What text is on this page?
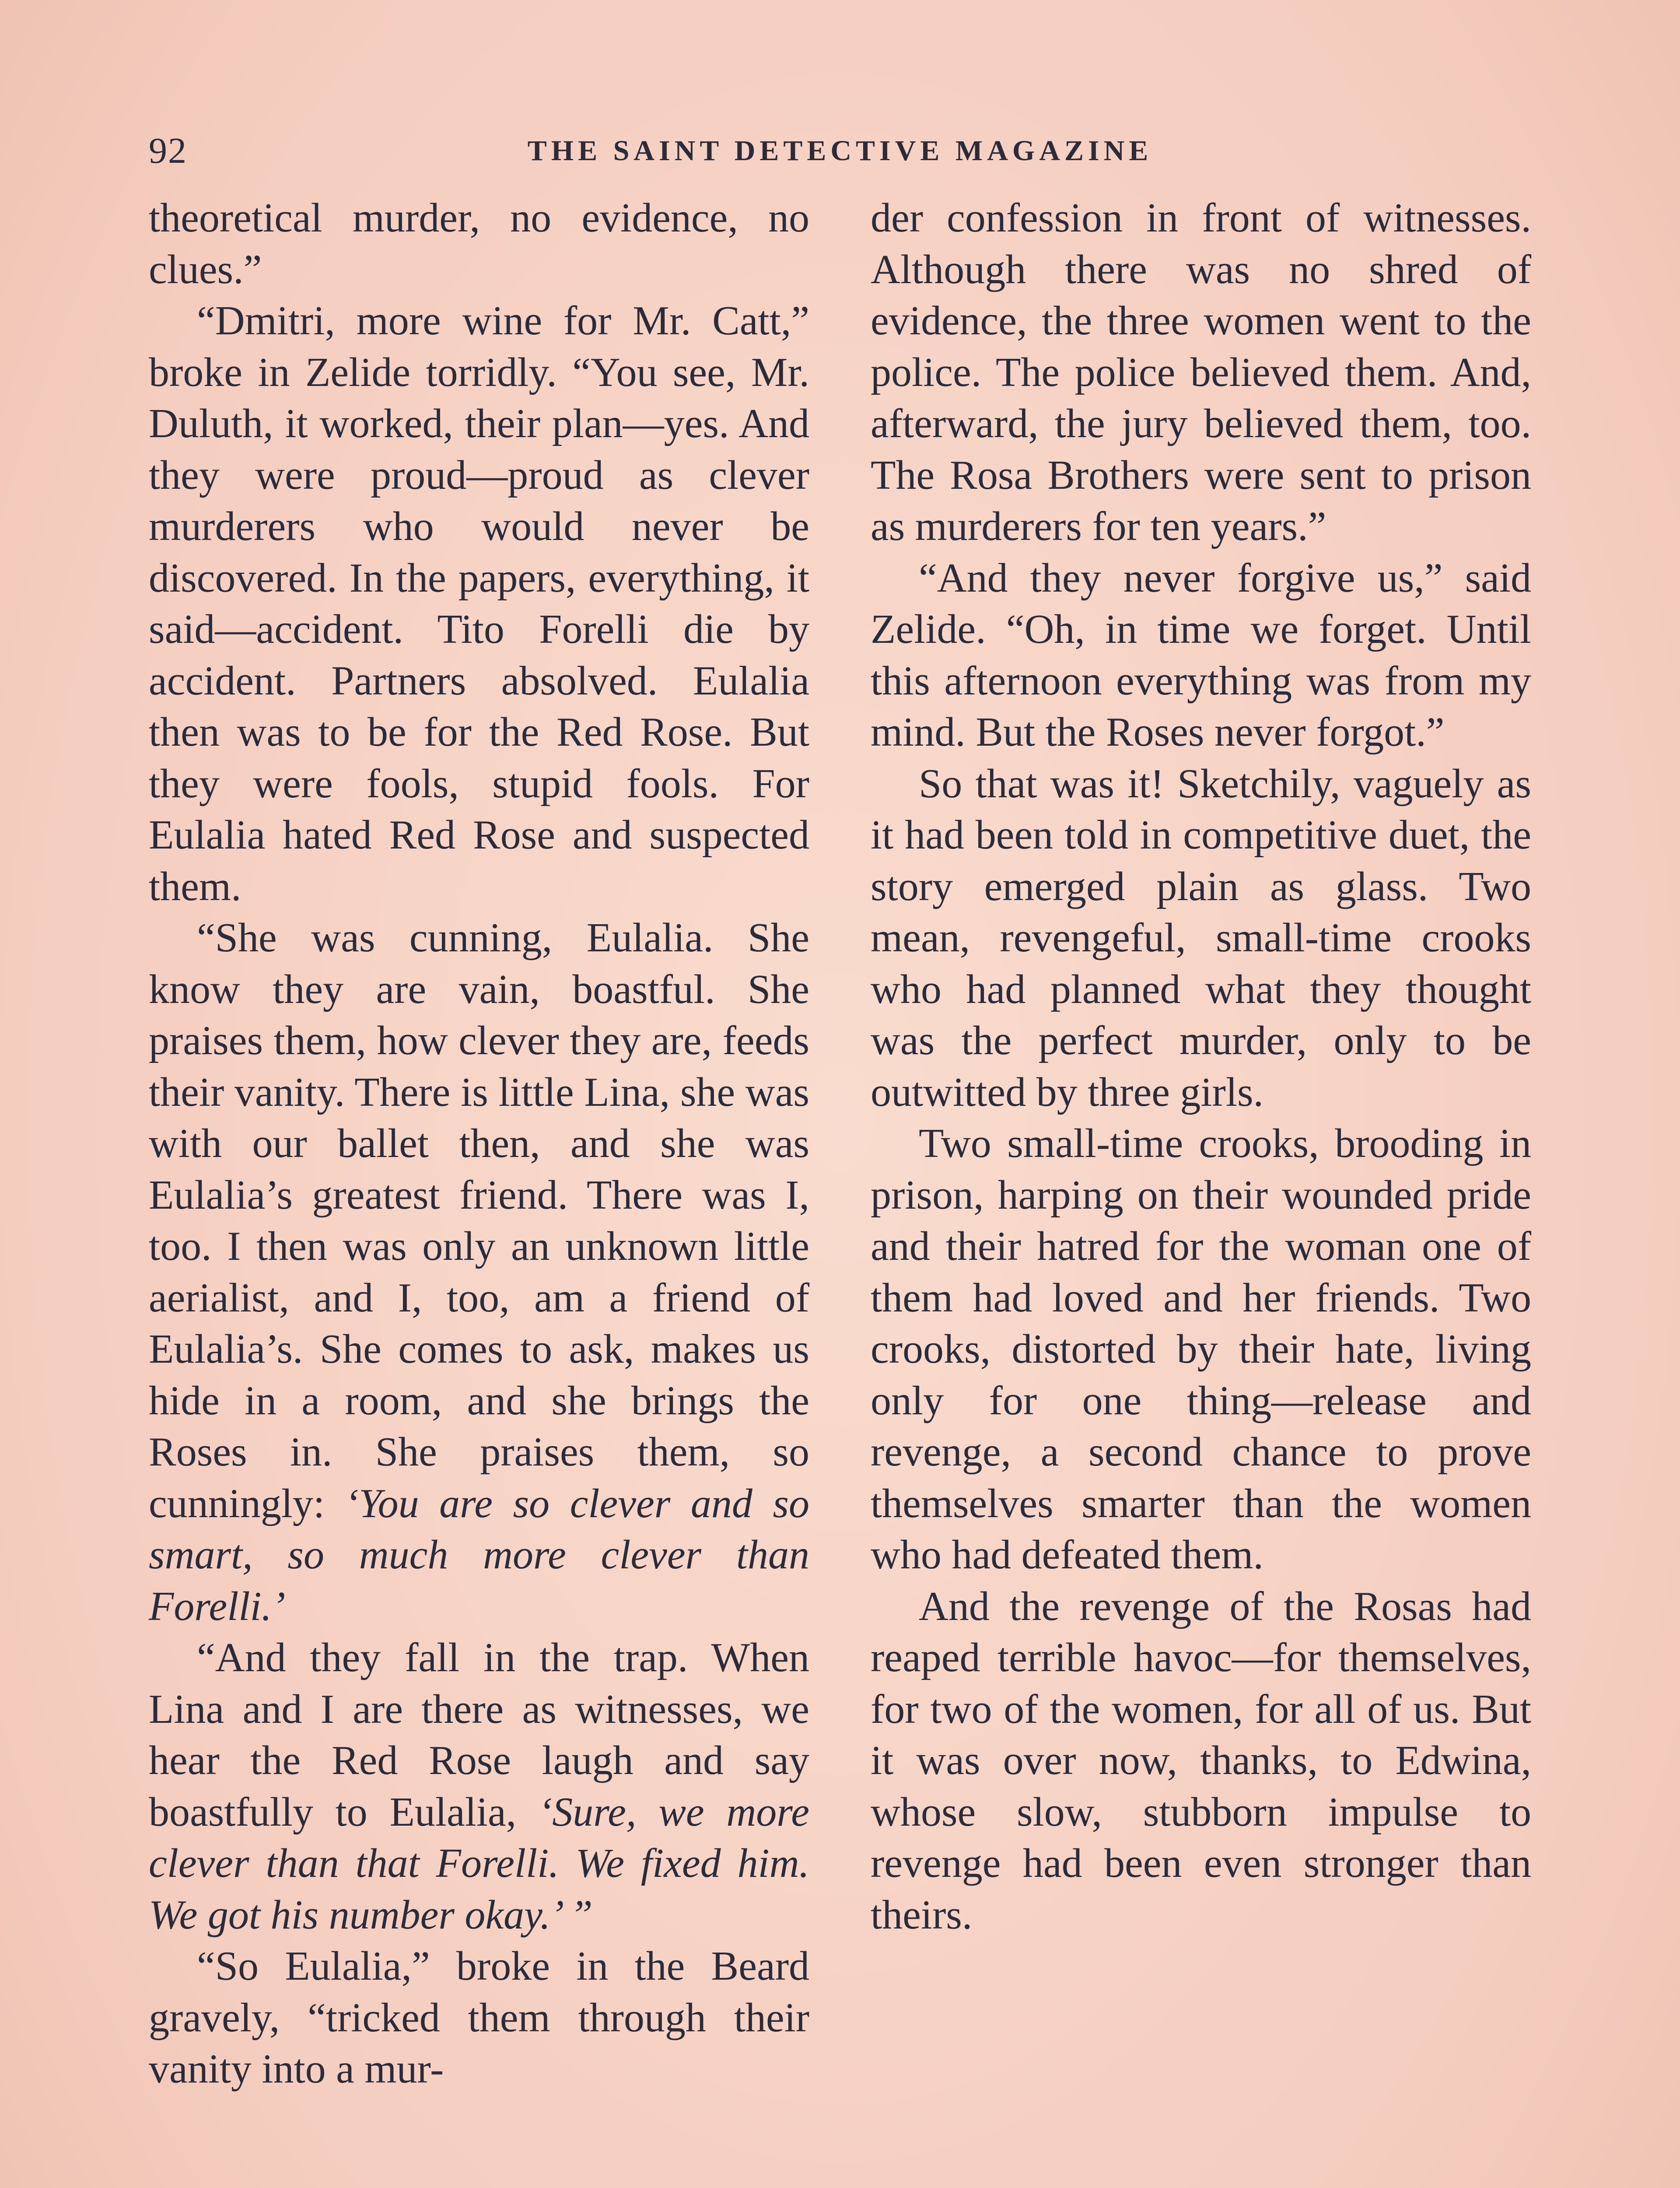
92	THE SAINT DETECTIVE MAGAZINE

theoretical murder, no evidence, no clues.”

“Dmitri, more wine for Mr. Catt,” broke in Zelide torridly. “You see, Mr. Duluth, it worked, their plan—yes. And they were proud—proud as clever murderers who would never be discovered. In the papers, everything, it said—accident. Tito Forelli die by accident. Partners absolved. Eulalia then was to be for the Red Rose. But they were fools, stupid fools. For Eulalia hated Red Rose and suspected them.

“She was cunning, Eulalia. She know they are vain, boastful. She praises them, how clever they are, feeds their vanity. There is little Lina, she was with our ballet then, and she was Eulalia’s greatest friend. There was I, too. I then was only an unknown little aerialist, and I, too, am a friend of Eulalia’s. She comes to ask, makes us hide in a room, and she brings the Roses in. She praises them, so cunningly: ‘You are so clever and so smart, so much more clever than Forelli.’

“And they fall in the trap. When Lina and I are there as witnesses, we hear the Red Rose laugh and say boastfully to Eulalia, ‘Sure, we more clever than that Forelli. We fixed him. We got his number okay.’ ”

“So Eulalia,” broke in the Beard gravely, “tricked them through their vanity into a mur-

der confession in front of witnesses. Although there was no shred of evidence, the three women went to the police. The police believed them. And, afterward, the jury believed them, too. The Rosa Brothers were sent to prison as murderers for ten years.”

“And they never forgive us,” said Zelide. “Oh, in time we forget. Until this afternoon everything was from my mind. But the Roses never forgot.”

So that was it! Sketchily, vaguely as it had been told in competitive duet, the story emerged plain as glass. Two mean, revengeful, small-time crooks who had planned what they thought was the perfect murder, only to be outwitted by three girls.

Two small-time crooks, brooding in prison, harping on their wounded pride and their hatred for the woman one of them had loved and her friends. Two crooks, distorted by their hate, living only for one thing—release and revenge, a second chance to prove themselves smarter than the women who had defeated them.

And the revenge of the Rosas had reaped terrible havoc—for themselves, for two of the women, for all of us. But it was over now, thanks, to Edwina, whose slow, stubborn impulse to revenge had been even stronger than theirs.
